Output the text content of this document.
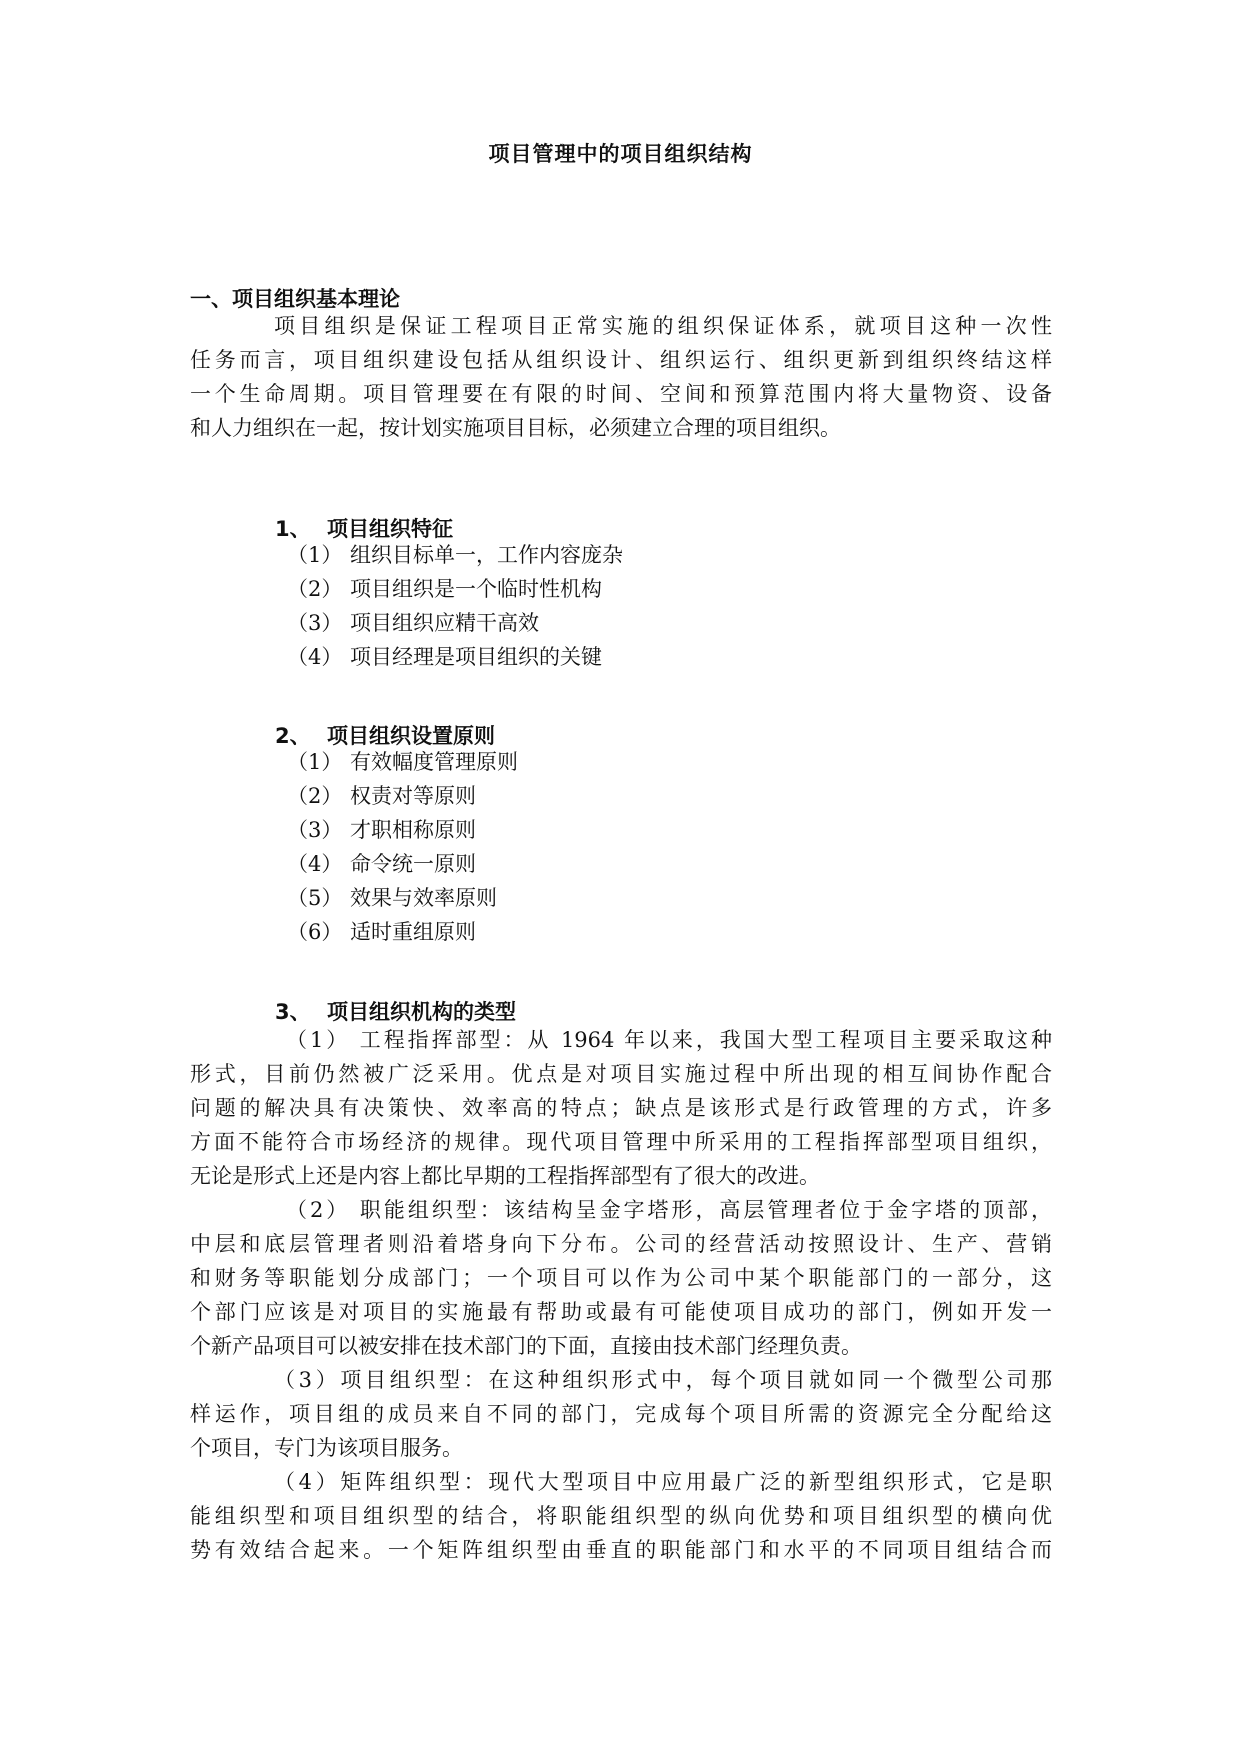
项目管理中的项目组织结构
一、项目组织基本理论
项目组织是保证工程项目正常实施的组织保证体系，就项目这种一次性
任务而言，项目组织建设包括从组织设计、组织运行、组织更新到组织终结这样
一个生命周期。项目管理要在有限的时间、空间和预算范围内将大量物资、设备
和人力组织在一起，按计划实施项目目标，必须建立合理的项目组织。
1、 项目组织特征
（1） 组织目标单一，工作内容庞杂
（2） 项目组织是一个临时性机构
（3） 项目组织应精干高效
（4） 项目经理是项目组织的关键
2、 项目组织设置原则
（1） 有效幅度管理原则
（2） 权责对等原则
（3） 才职相称原则
（4） 命令统一原则
（5） 效果与效率原则
（6） 适时重组原则
3、 项目组织机构的类型
（1） 工程指挥部型：从 1964 年以来，我国大型工程项目主要采取这种
形式，目前仍然被广泛采用。优点是对项目实施过程中所出现的相互间协作配合
问题的解决具有决策快、效率高的特点；缺点是该形式是行政管理的方式，许多
方面不能符合市场经济的规律。现代项目管理中所采用的工程指挥部型项目组织，
无论是形式上还是内容上都比早期的工程指挥部型有了很大的改进。
（2） 职能组织型：该结构呈金字塔形，高层管理者位于金字塔的顶部，
中层和底层管理者则沿着塔身向下分布。公司的经营活动按照设计、生产、营销
和财务等职能划分成部门；一个项目可以作为公司中某个职能部门的一部分，这
个部门应该是对项目的实施最有帮助或最有可能使项目成功的部门，例如开发一
个新产品项目可以被安排在技术部门的下面，直接由技术部门经理负责。
（3）项目组织型：在这种组织形式中，每个项目就如同一个微型公司那
样运作，项目组的成员来自不同的部门，完成每个项目所需的资源完全分配给这
个项目，专门为该项目服务。
（4）矩阵组织型：现代大型项目中应用最广泛的新型组织形式，它是职
能组织型和项目组织型的结合，将职能组织型的纵向优势和项目组织型的横向优
势有效结合起来。一个矩阵组织型由垂直的职能部门和水平的不同项目组结合而
